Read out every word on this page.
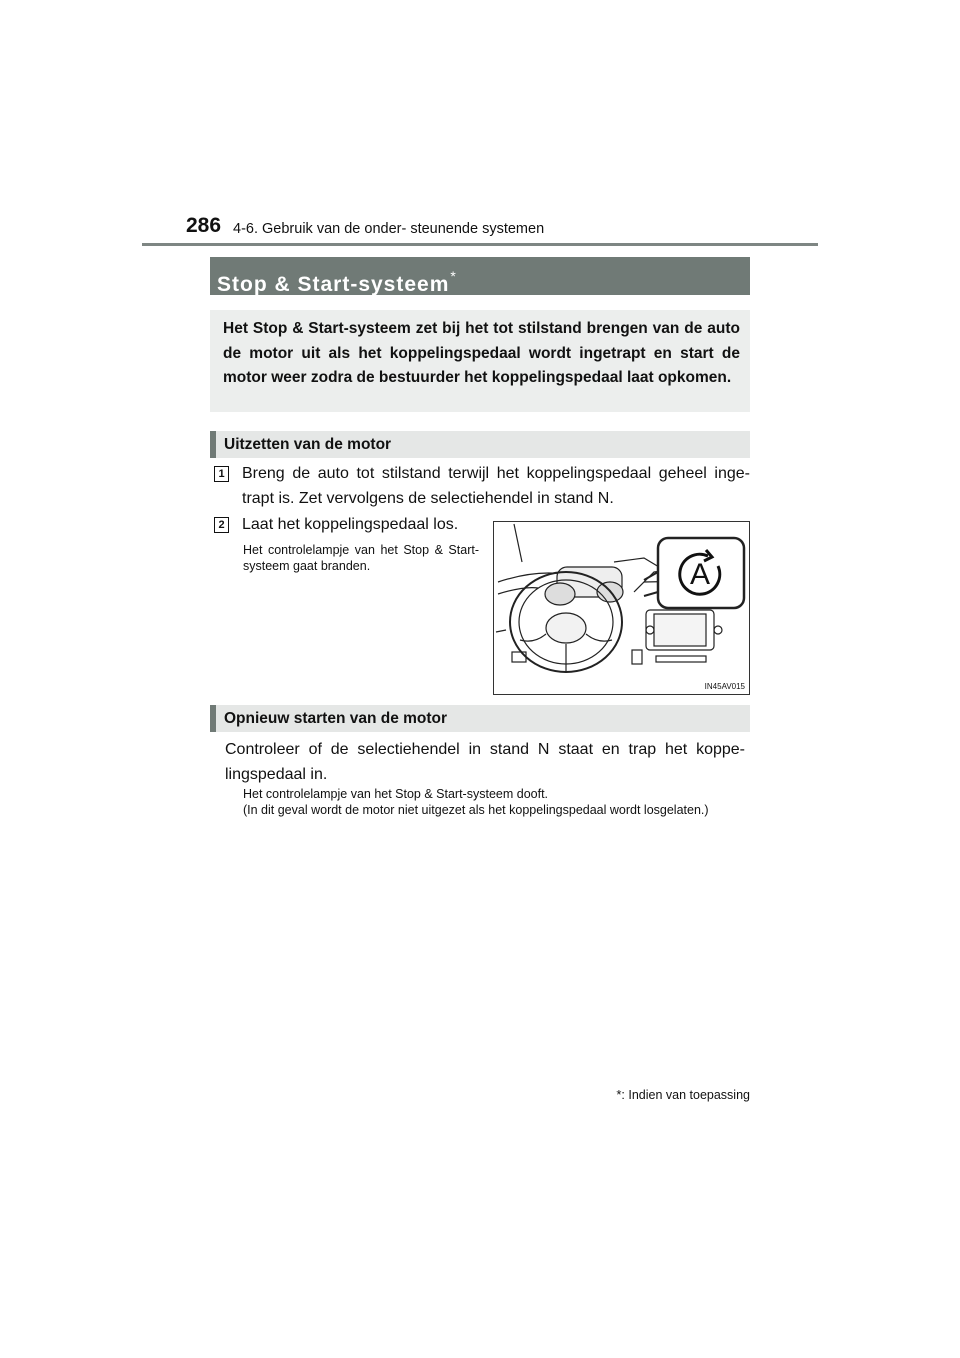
286 4-6. Gebruik van de onder- steunende systemen
Stop & Start-systeem*
Het Stop & Start-systeem zet bij het tot stilstand brengen van de auto de motor uit als het koppelingspedaal wordt ingetrapt en start de motor weer zodra de bestuurder het koppelingspedaal laat opkomen.
Uitzetten van de motor
1 Breng de auto tot stilstand terwijl het koppelingspedaal geheel inge- trapt is. Zet vervolgens de selectiehendel in stand N.
2 Laat het koppelingspedaal los.
Het controlelampje van het Stop & Start-systeem gaat branden.	A
IN45AV015
Opnieuw starten van de motor
Controleer of de selectiehendel in stand N staat en trap het koppe- lingspedaal in.
Het controlelampje van het Stop & Start-systeem dooft.
(In dit geval wordt de motor niet uitgezet als het koppelingspedaal wordt losgelaten.)
*: Indien van toepassing
